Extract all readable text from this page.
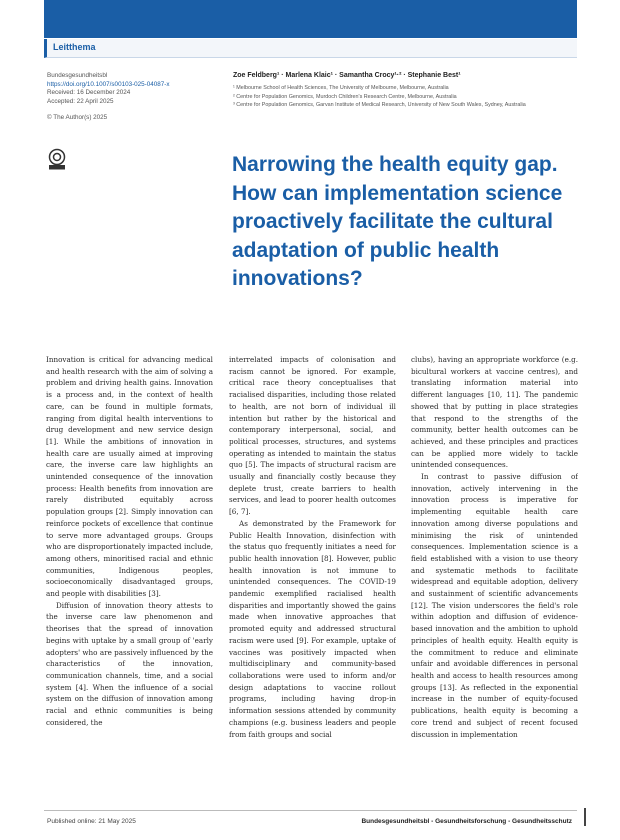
Leitthema
Bundesgesundheitsbl
https://doi.org/10.1007/s00103-025-04087-x
Received: 16 December 2024
Accepted: 22 April 2025
© The Author(s) 2025
Zoe Feldberg¹ · Marlena Klaic¹ · Samantha Crocy¹·² · Stephanie Best¹
¹ Melbourne School of Health Sciences, The University of Melbourne, Melbourne, Australia
² Centre for Population Genomics, Murdoch Children's Research Centre, Melbourne, Australia
³ Centre for Population Genomics, Garvan Institute of Medical Research, University of New South Wales, Sydney, Australia
Narrowing the health equity gap. How can implementation science proactively facilitate the cultural adaptation of public health innovations?

Innovation is critical for advancing medical and health research with the aim of solving a problem and driving health gains. Innovation is a process and, in the context of health care, can be found in multiple formats, ranging from digital health interventions to drug development and new service design [1]. While the ambitions of innovation in health care are usually aimed at improving care, the inverse care law highlights an unintended consequence of the innovation process: Health benefits from innovation are rarely distributed equitably across population groups [2]. Simply innovation can reinforce pockets of excellence that continue to serve more advantaged groups. Groups who are disproportionately impacted include, among others, minoritised racial and ethnic communities, Indigenous peoples, socioeconomically disadvantaged groups, and people with disabilities [3].

Diffusion of innovation theory attests to the inverse care law phenomenon and theorises that the spread of innovation begins with uptake by a small group of 'early adopters' who are passively influenced by the characteristics of the innovation, communication channels, time, and a social system [4]. When the influence of a social system on the diffusion of innovation among racial and ethnic communities is being considered, the

interrelated impacts of colonisation and racism cannot be ignored. For example, critical race theory conceptualises that racialised disparities, including those related to health, are not born of individual ill intention but rather by the historical and contemporary interpersonal, social, and political processes, structures, and systems operating as intended to maintain the status quo [5]. The impacts of structural racism are usually and financially costly because they deplete trust, create barriers to health services, and lead to poorer health outcomes [6, 7].

As demonstrated by the Framework for Public Health Innovation, disinfection with the status quo frequently initiates a need for public health innovation [8]. However, public health innovation is not immune to unintended consequences. The COVID-19 pandemic exemplified racialised health disparities and importantly showed the gains made when innovative approaches that promoted equity and addressed structural racism were used [9]. For example, uptake of vaccines was positively impacted when multidisciplinary and community-based collaborations were used to inform and/or design adaptations to vaccine rollout programs, including having drop-in information sessions attended by community champions (e.g. business leaders and people from faith groups and social

clubs), having an appropriate workforce (e.g. bicultural workers at vaccine centres), and translating information material into different languages [10, 11]. The pandemic showed that by putting in place strategies that respond to the strengths of the community, better health outcomes can be achieved, and these principles and practices can be applied more widely to tackle unintended consequences.

In contrast to passive diffusion of innovation, actively intervening in the innovation process is imperative for implementing equitable health care innovation among diverse populations and minimising the risk of unintended consequences. Implementation science is a field established with a vision to use theory and systematic methods to facilitate widespread and equitable adoption, delivery and sustainment of scientific advancements [12]. The vision underscores the field's role within adoption and diffusion of evidence-based innovation and the ambition to uphold principles of health equity. Health equity is the commitment to reduce and eliminate unfair and avoidable differences in personal health and access to health resources among groups [13]. As reflected in the exponential increase in the number of equity-focused publications, health equity is becoming a core trend and subject of recent focused discussion in implementation

Published online: 21 May 2025	Bundesgesundheitsbl - Gesundheitsforschung - Gesundheitsschutz
